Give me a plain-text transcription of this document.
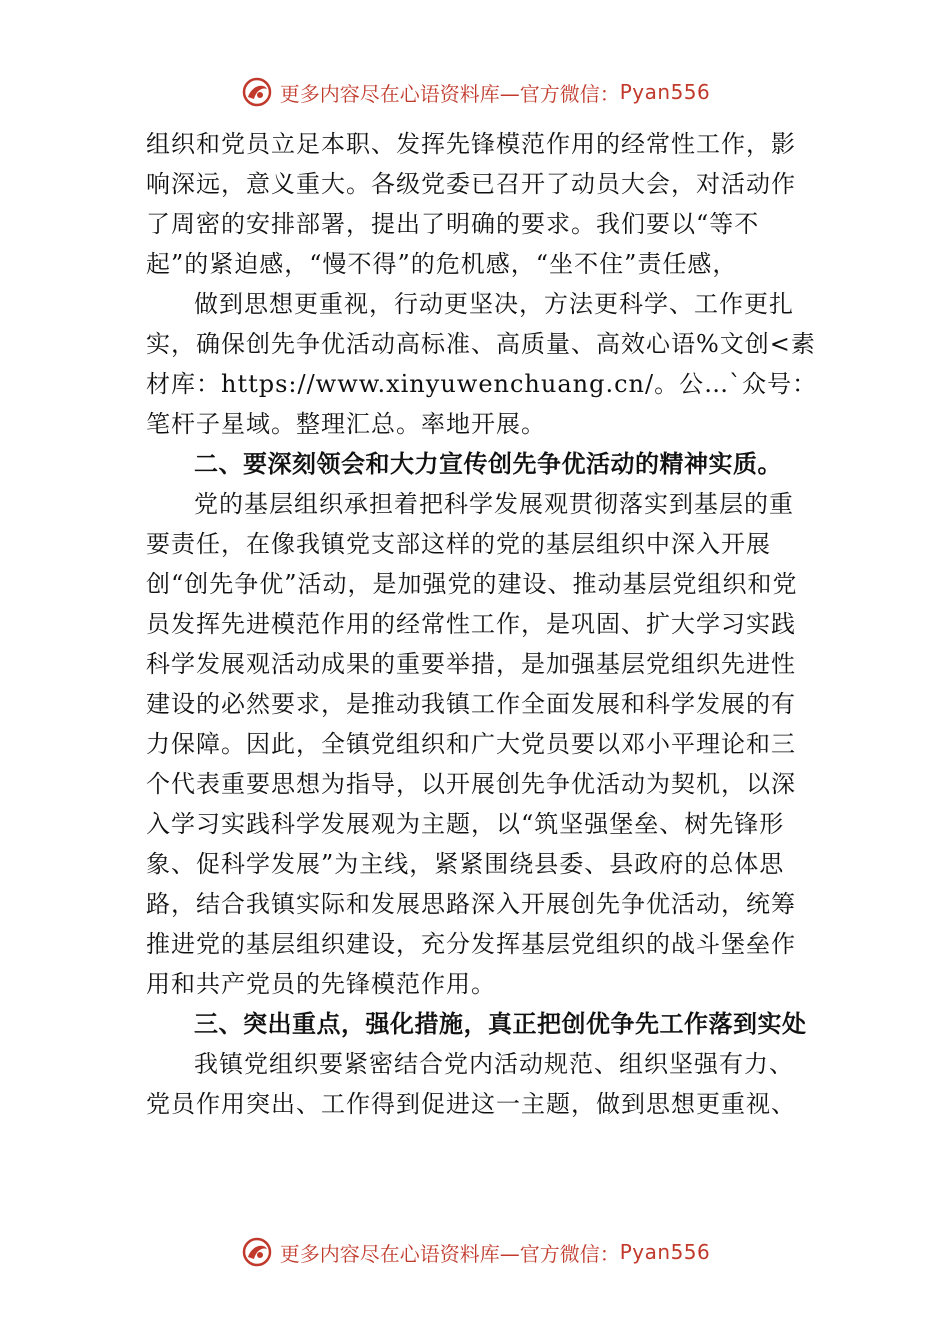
更多内容尽在心语资料库—官方微信： Pyan556

组织和党员立足本职、发挥先锋模范作用的经常性工作，影响深远，意义重大。各级党委已召开了动员大会，对活动作了周密的安排部署，提出了明确的要求。我们要以“等不起”的紧迫感，“慢不得”的危机感，“坐不住”责任感，

做到思想更重视，行动更坚决，方法更科学、工作更扎实，确保创先争优活动高标准、高质量、高效心语%文创<素材库：https://www.xinyuwenchuang.cn/。公…`众号：笔杆子星域。整理汇总。率地开展。

二、要深刻领会和大力宣传创先争优活动的精神实质。

党的基层组织承担着把科学发展观贯彻落实到基层的重要责任，在像我镇党支部这样的党的基层组织中深入开展创“创先争优”活动，是加强党的建设、推动基层党组织和党员发挥先进模范作用的经常性工作，是巩固、扩大学习实践科学发展观活动成果的重要举措，是加强基层党组织先进性建设的必然要求，是推动我镇工作全面发展和科学发展的有力保障。因此，全镇党组织和广大党员要以邓小平理论和三个代表重要思想为指导，以开展创先争优活动为契机，以深入学习实践科学发展观为主题，以“筑坚强堡垒、树先锋形象、促科学发展”为主线，紧紧围绕县委、县政府的总体思路，结合我镇实际和发展思路深入开展创先争优活动，统筹推进党的基层组织建设，充分发挥基层党组织的战斗堡垒作用和共产党员的先锋模范作用。

三、突出重点，强化措施，真正把创优争先工作落到实处

我镇党组织要紧密结合党内活动规范、组织坚强有力、党员作用突出、工作得到促进这一主题，做到思想更重视、

更多内容尽在心语资料库—官方微信： Pyan556
